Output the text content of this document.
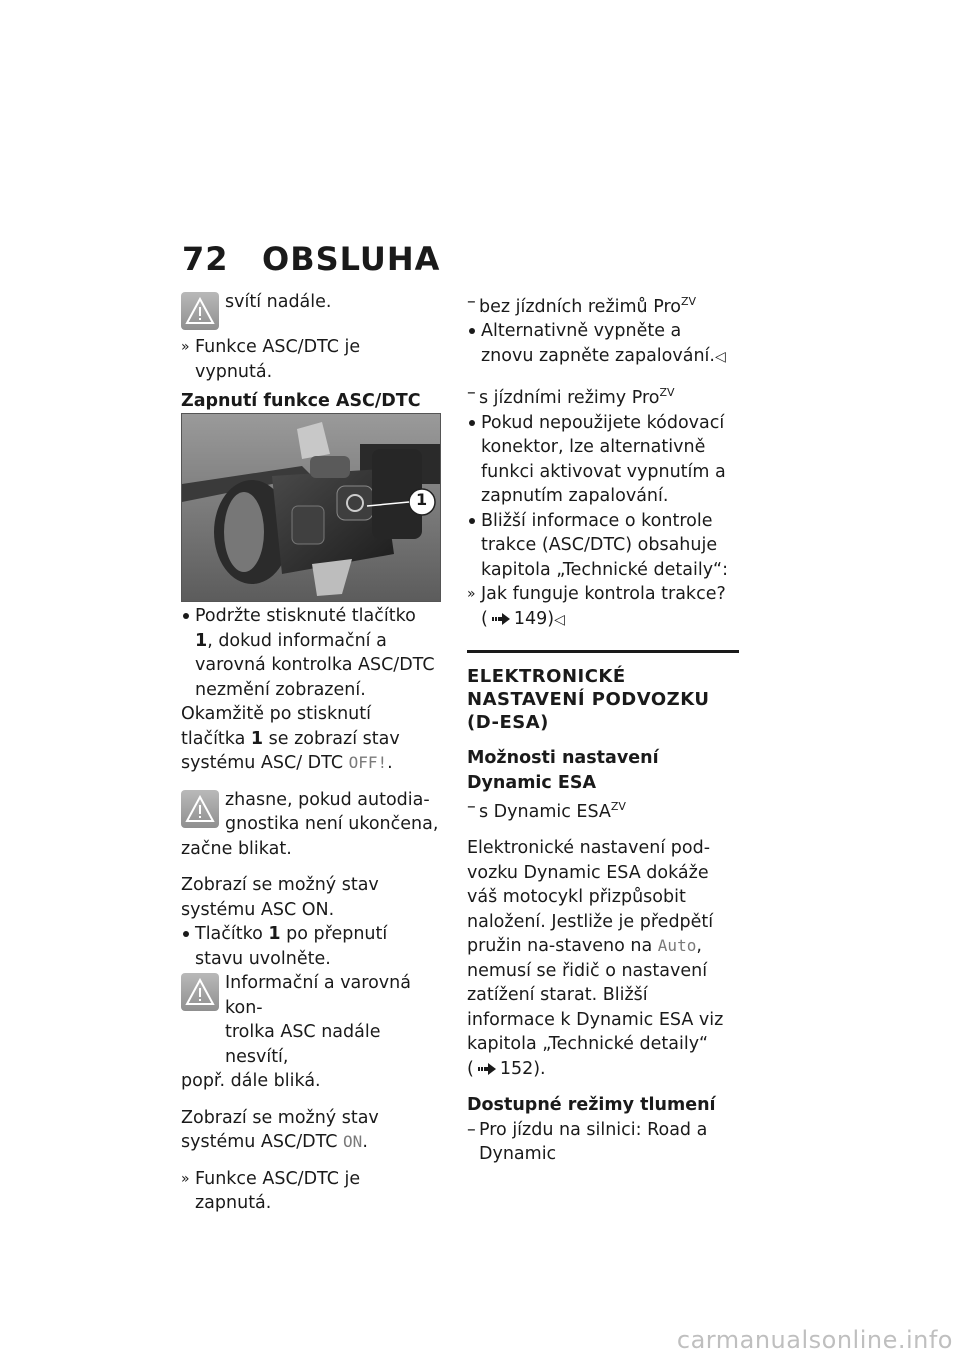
72 OBSLUHA
svítí nadále.

» Funkce ASC/DTC je vypnutá.

Zapnutí funkce ASC/DTC

1

Podržte stisknuté tlačítko 1, dokud informační a varovná kontrolka ASC/DTC nezmění zobrazení.

Okamžitě po stisknutí tlačítka 1 se zobrazí stav systému ASC/ DTC OFF!.

zhasne, pokud autodia-
gnostika není ukončena,
začne blikat.

Zobrazí se možný stav systému ASC ON.

Tlačítko 1 po přepnutí stavu uvolněte.

Informační a varovná kon-
trolka ASC nadále nesvítí,
popř. dále bliká.

Zobrazí se možný stav systému ASC/DTC ON.

» Funkce ASC/DTC je zapnutá.

– bez jízdních režimů Pro$^{ZV}$

Alternativně vypněte a znovu zapněte zapalování.◁

– s jízdními režimy Pro$^{ZV}$

Pokud nepoužijete kódovací konektor, lze alternativně funkci aktivovat vypnutím a zapnutím zapalování.

Bližší informace o kontrole trakce (ASC/DTC) obsahuje kapitola „Technické detaily“:

» Jak funguje kontrola trakce?

( 149)◁

ELEKTRONICKÉ NASTAVENÍ PODVOZKU (D-ESA)

Možnosti nastavení Dynamic ESA

– s Dynamic $ESA^{ZV}$

Elektronické nastavení pod-vozku Dynamic ESA dokáže váš motocykl přizpůsobit naložení. Jestliže je předpětí pružin na-staveno na Auto, nemusí se řidič o nastavení zatížení starat. Bližší informace k Dynamic ESA viz kapitola „Technické detaily“
( 152).

Dostupné režimy tlumení

– Pro jízdu na silnici: Road a Dynamic

carmanualsonline.info
